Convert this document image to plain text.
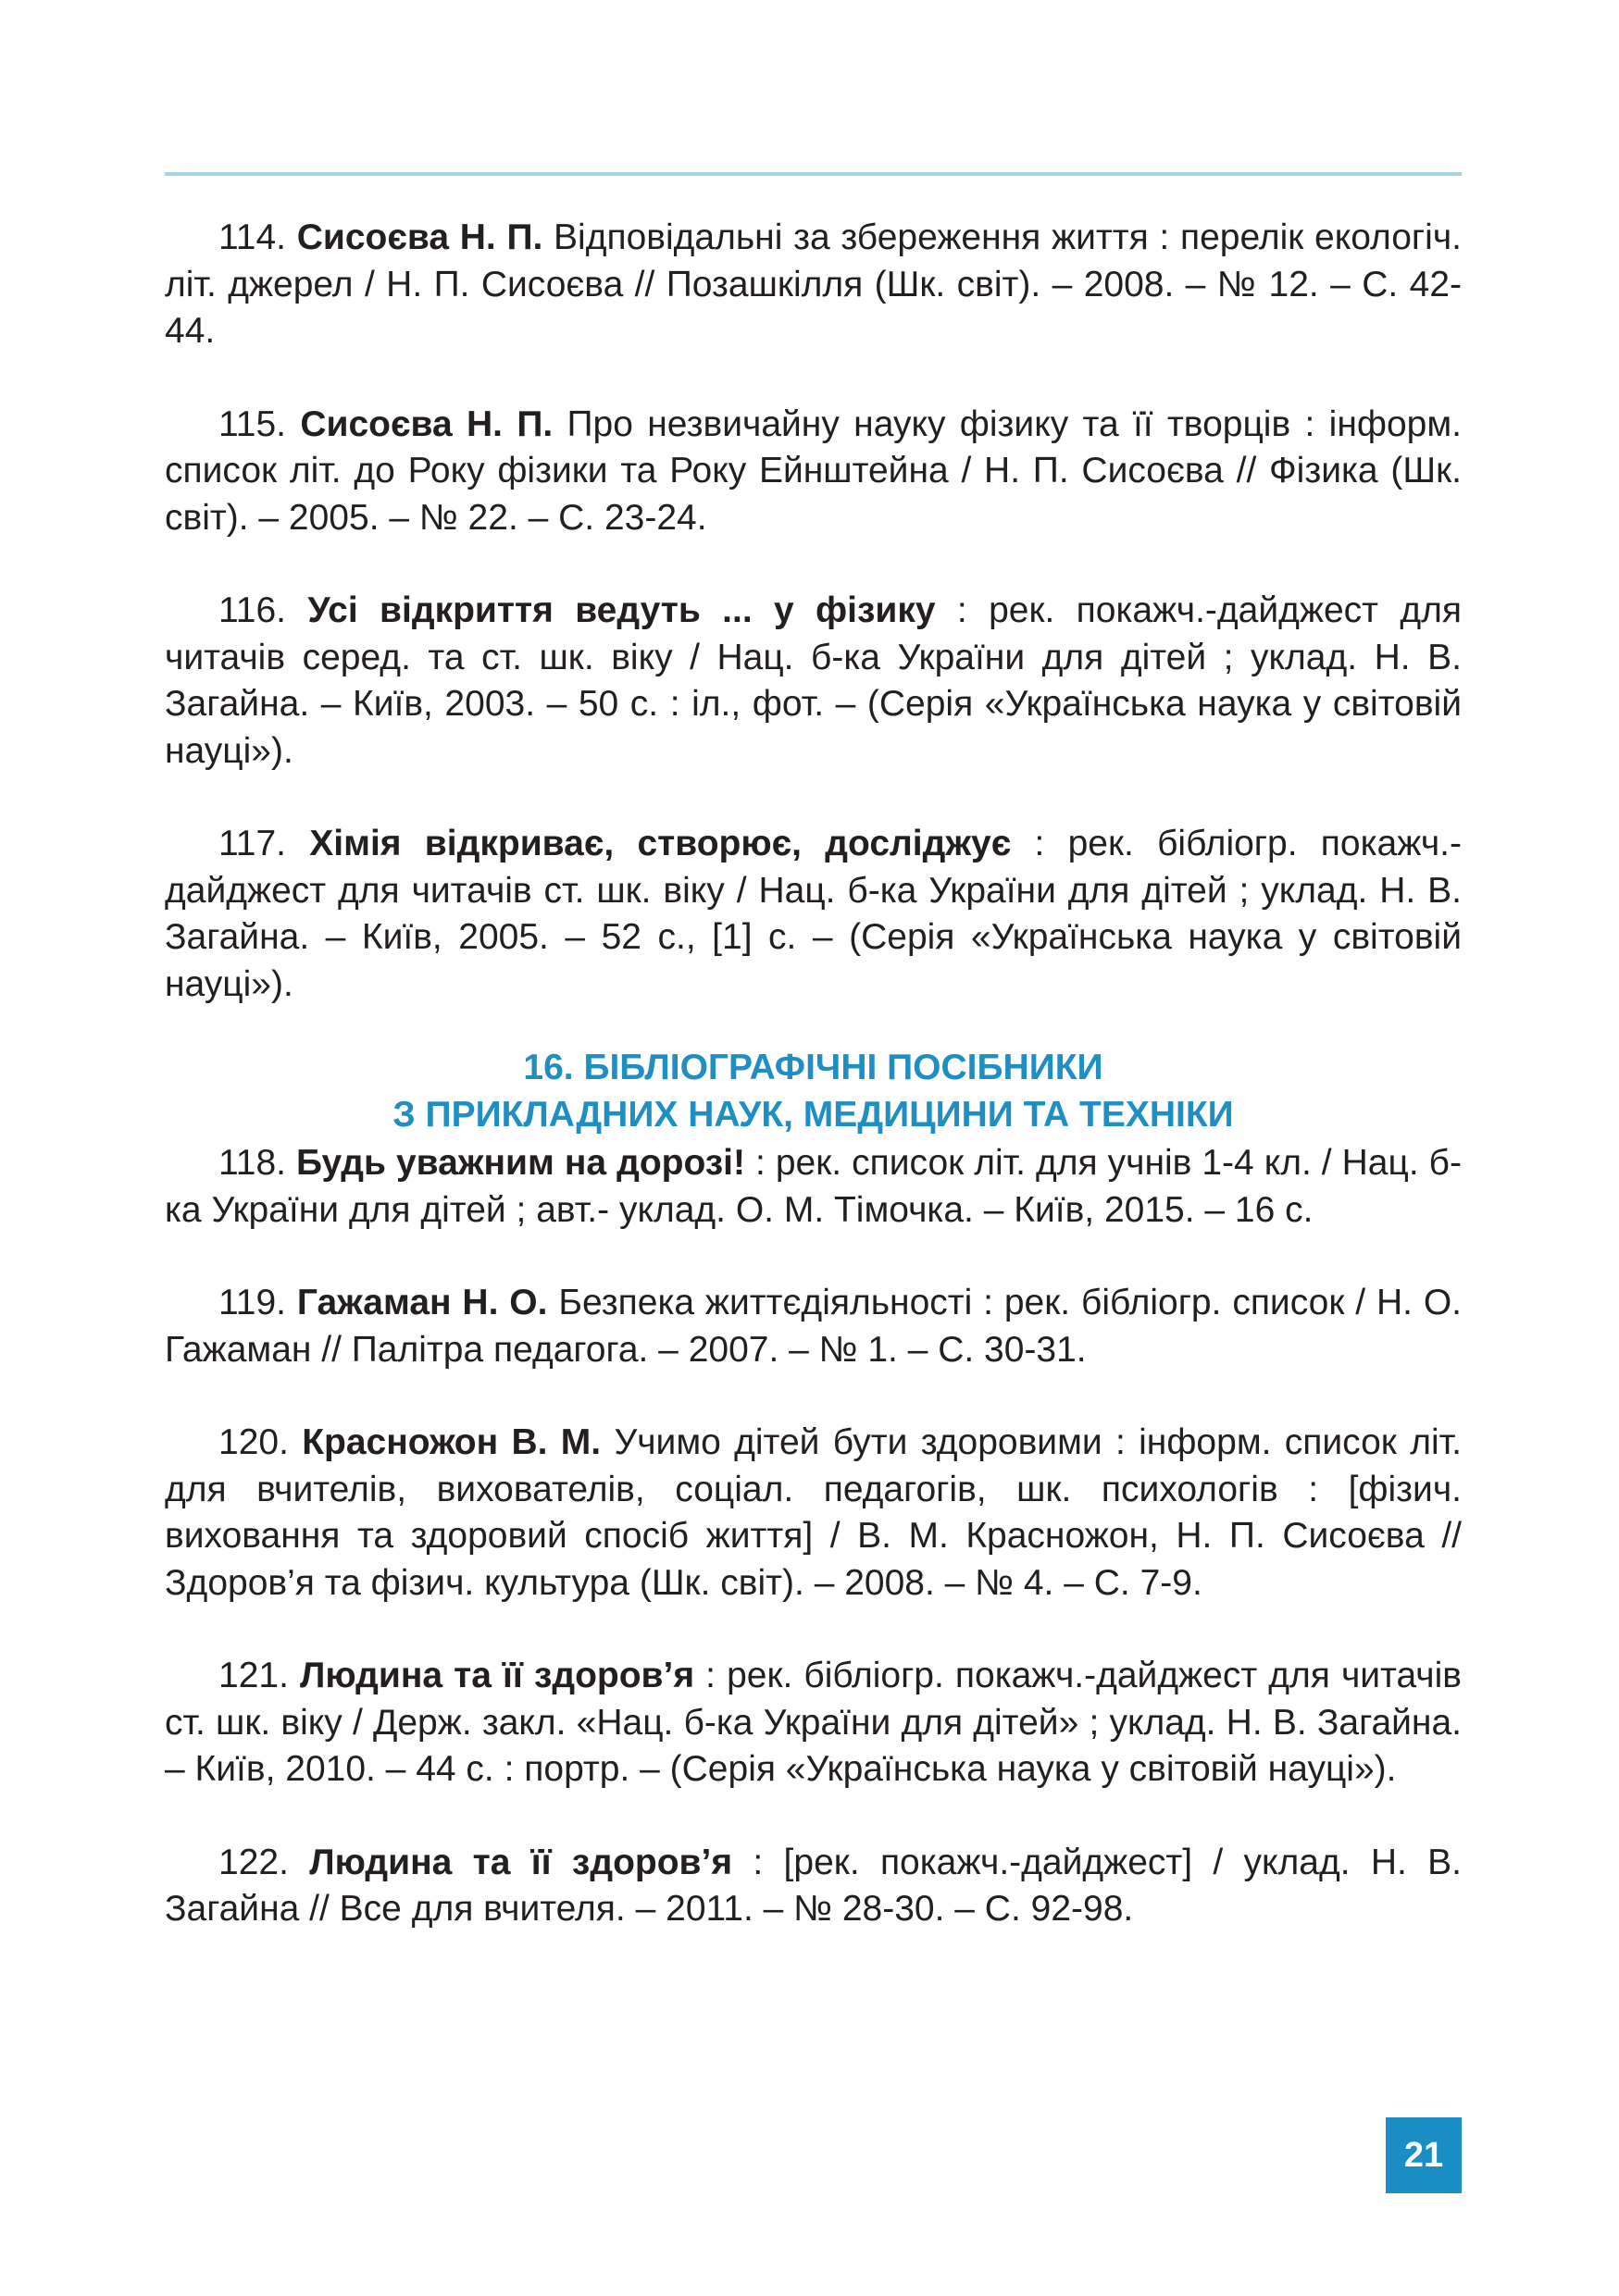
114. Сисоєва Н. П. Відповідальні за збереження життя : перелік екологіч. літ. джерел / Н. П. Сисоєва // Позашкілля (Шк. світ). – 2008. – № 12. – С. 42-44.

115. Сисоєва Н. П. Про незвичайну науку фізику та її творців : інформ. список літ. до Року фізики та Року Ейнштейна / Н. П. Сисоєва // Фізика (Шк. світ). – 2005. – № 22. – С. 23-24.

116. Усі відкриття ведуть ... у фізику : рек. покажч.-дайджест для читачів серед. та ст. шк. віку / Нац. б-ка України для дітей ; уклад. Н. В. Загайна. – Київ, 2003. – 50 с. : іл., фот. – (Серія «Українська наука у світовій науці»).

117. Хімія відкриває, створює, досліджує : рек. бібліогр. покажч.-дайджест для читачів ст. шк. віку / Нац. б-ка України для дітей ; уклад. Н. В. Загайна. – Київ, 2005. – 52 с., [1] с. – (Серія «Українська наука у світовій науці»).

16. БІБЛІОГРАФІЧНІ ПОСІБНИКИ
З ПРИКЛАДНИХ НАУК, МЕДИЦИНИ ТА ТЕХНІКИ

118. Будь уважним на дорозі! : рек. список літ. для учнів 1-4 кл. / Нац. б-ка України для дітей ; авт.- уклад. О. М. Тімочка. – Київ, 2015. – 16 с.

119. Гажаман Н. О. Безпека життєдіяльності : рек. бібліогр. список / Н. О. Гажаман // Палітра педагога. – 2007. – № 1. – С. 30-31.

120. Красножон В. М. Учимо дітей бути здоровими : інформ. список літ. для вчителів, вихователів, соціал. педагогів, шк. психологів : [фізич. виховання та здоровий спосіб життя] / В. М. Красножон, Н. П. Сисоєва // Здоров’я та фізич. культура (Шк. світ). – 2008. – № 4. – С. 7-9.

121. Людина та її здоров’я : рек. бібліогр. покажч.-дайджест для читачів ст. шк. віку / Держ. закл. «Нац. б-ка України для дітей» ; уклад. Н. В. Загайна. – Київ, 2010. – 44 с. : портр. – (Серія «Українська наука у світовій науці»).

122. Людина та її здоров’я : [рек. покажч.-дайджест] / уклад. Н. В. Загайна // Все для вчителя. – 2011. – № 28-30. – С. 92-98.

21
